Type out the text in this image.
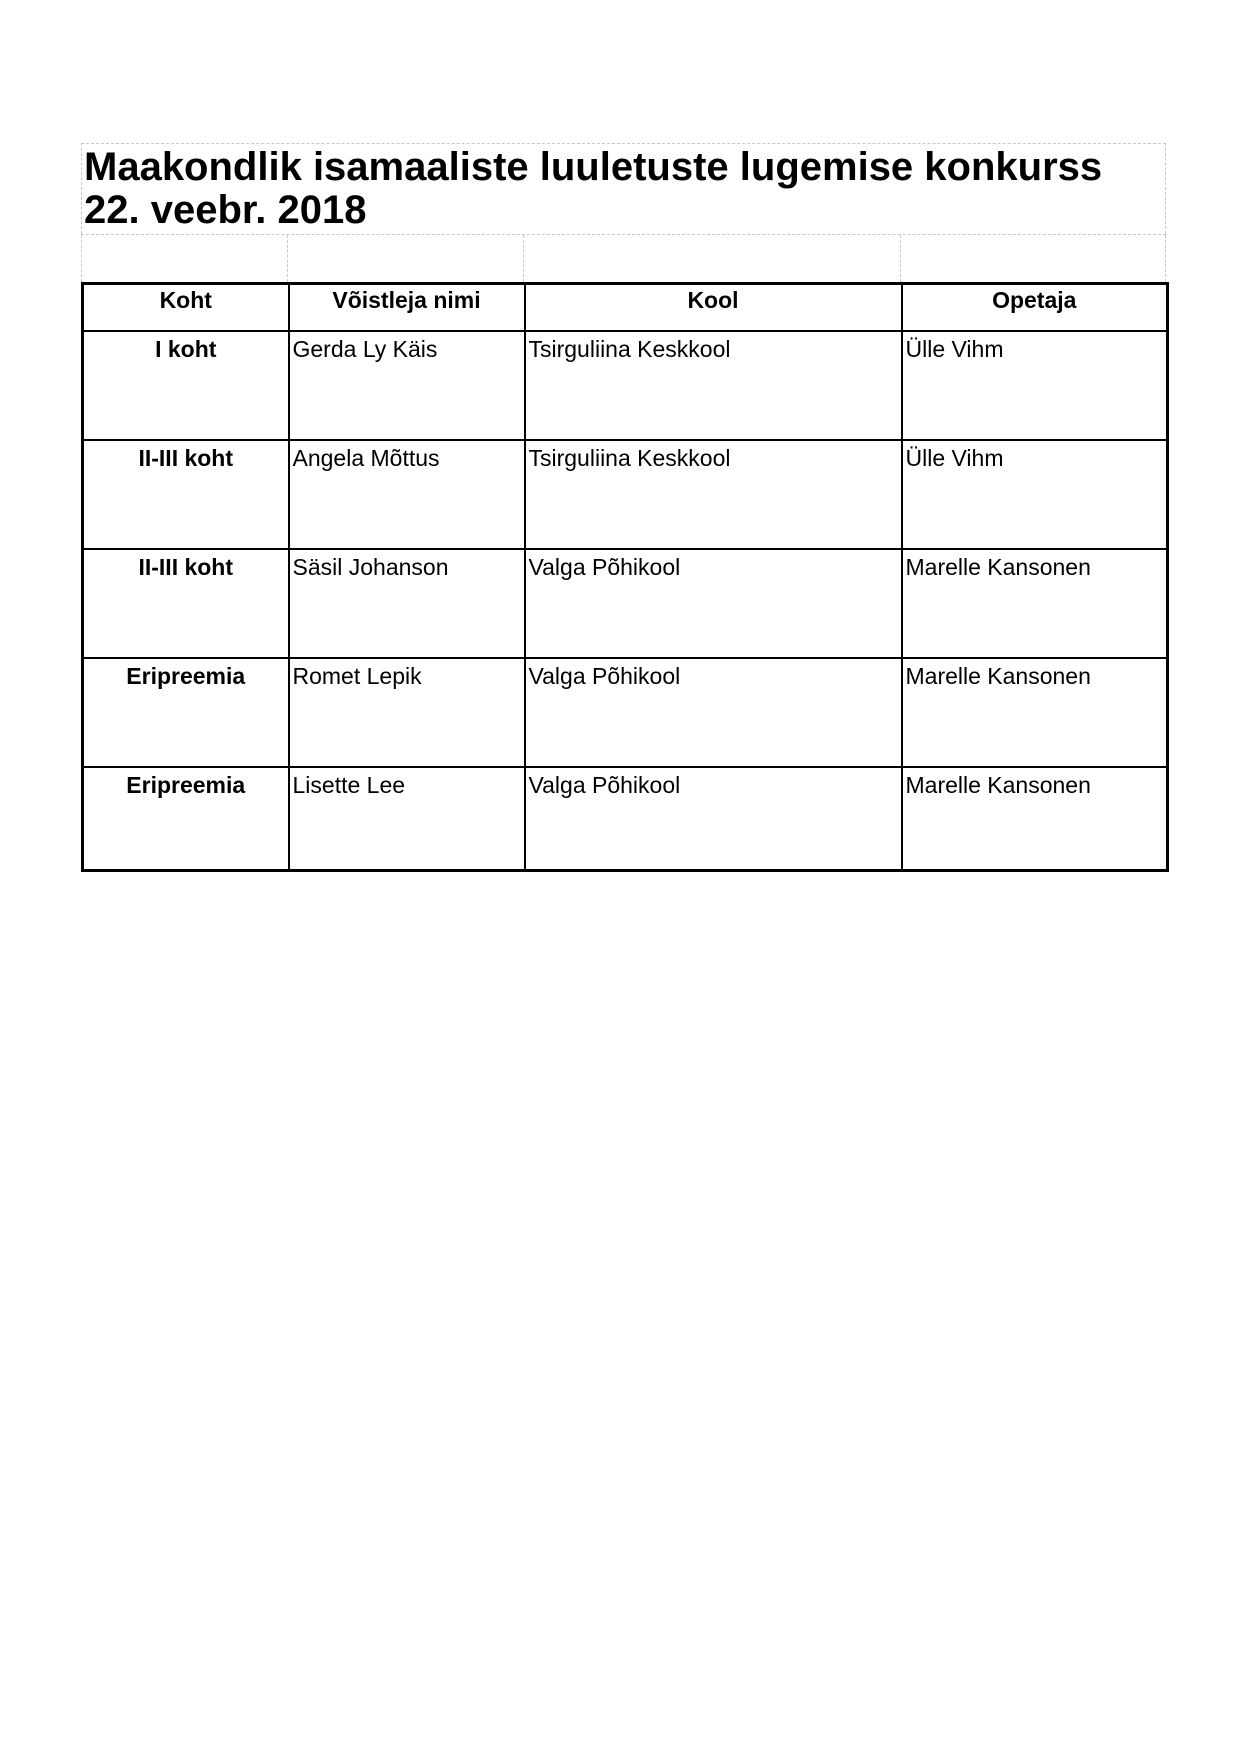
Maakondlik isamaaliste luuletuste lugemise konkurss
22. veebr. 2018
Koht	Võistleja nimi	Kool	Opetaja
I koht	Gerda Ly Käis	Tsirguliina Keskkool	Ülle Vihm
II-III koht	Angela Mõttus	Tsirguliina Keskkool	Ülle Vihm
II-III koht	Säsil Johanson	Valga Põhikool	Marelle Kansonen
Eripreemia	Romet Lepik	Valga Põhikool	Marelle Kansonen
Eripreemia	Lisette Lee	Valga Põhikool	Marelle Kansonen
